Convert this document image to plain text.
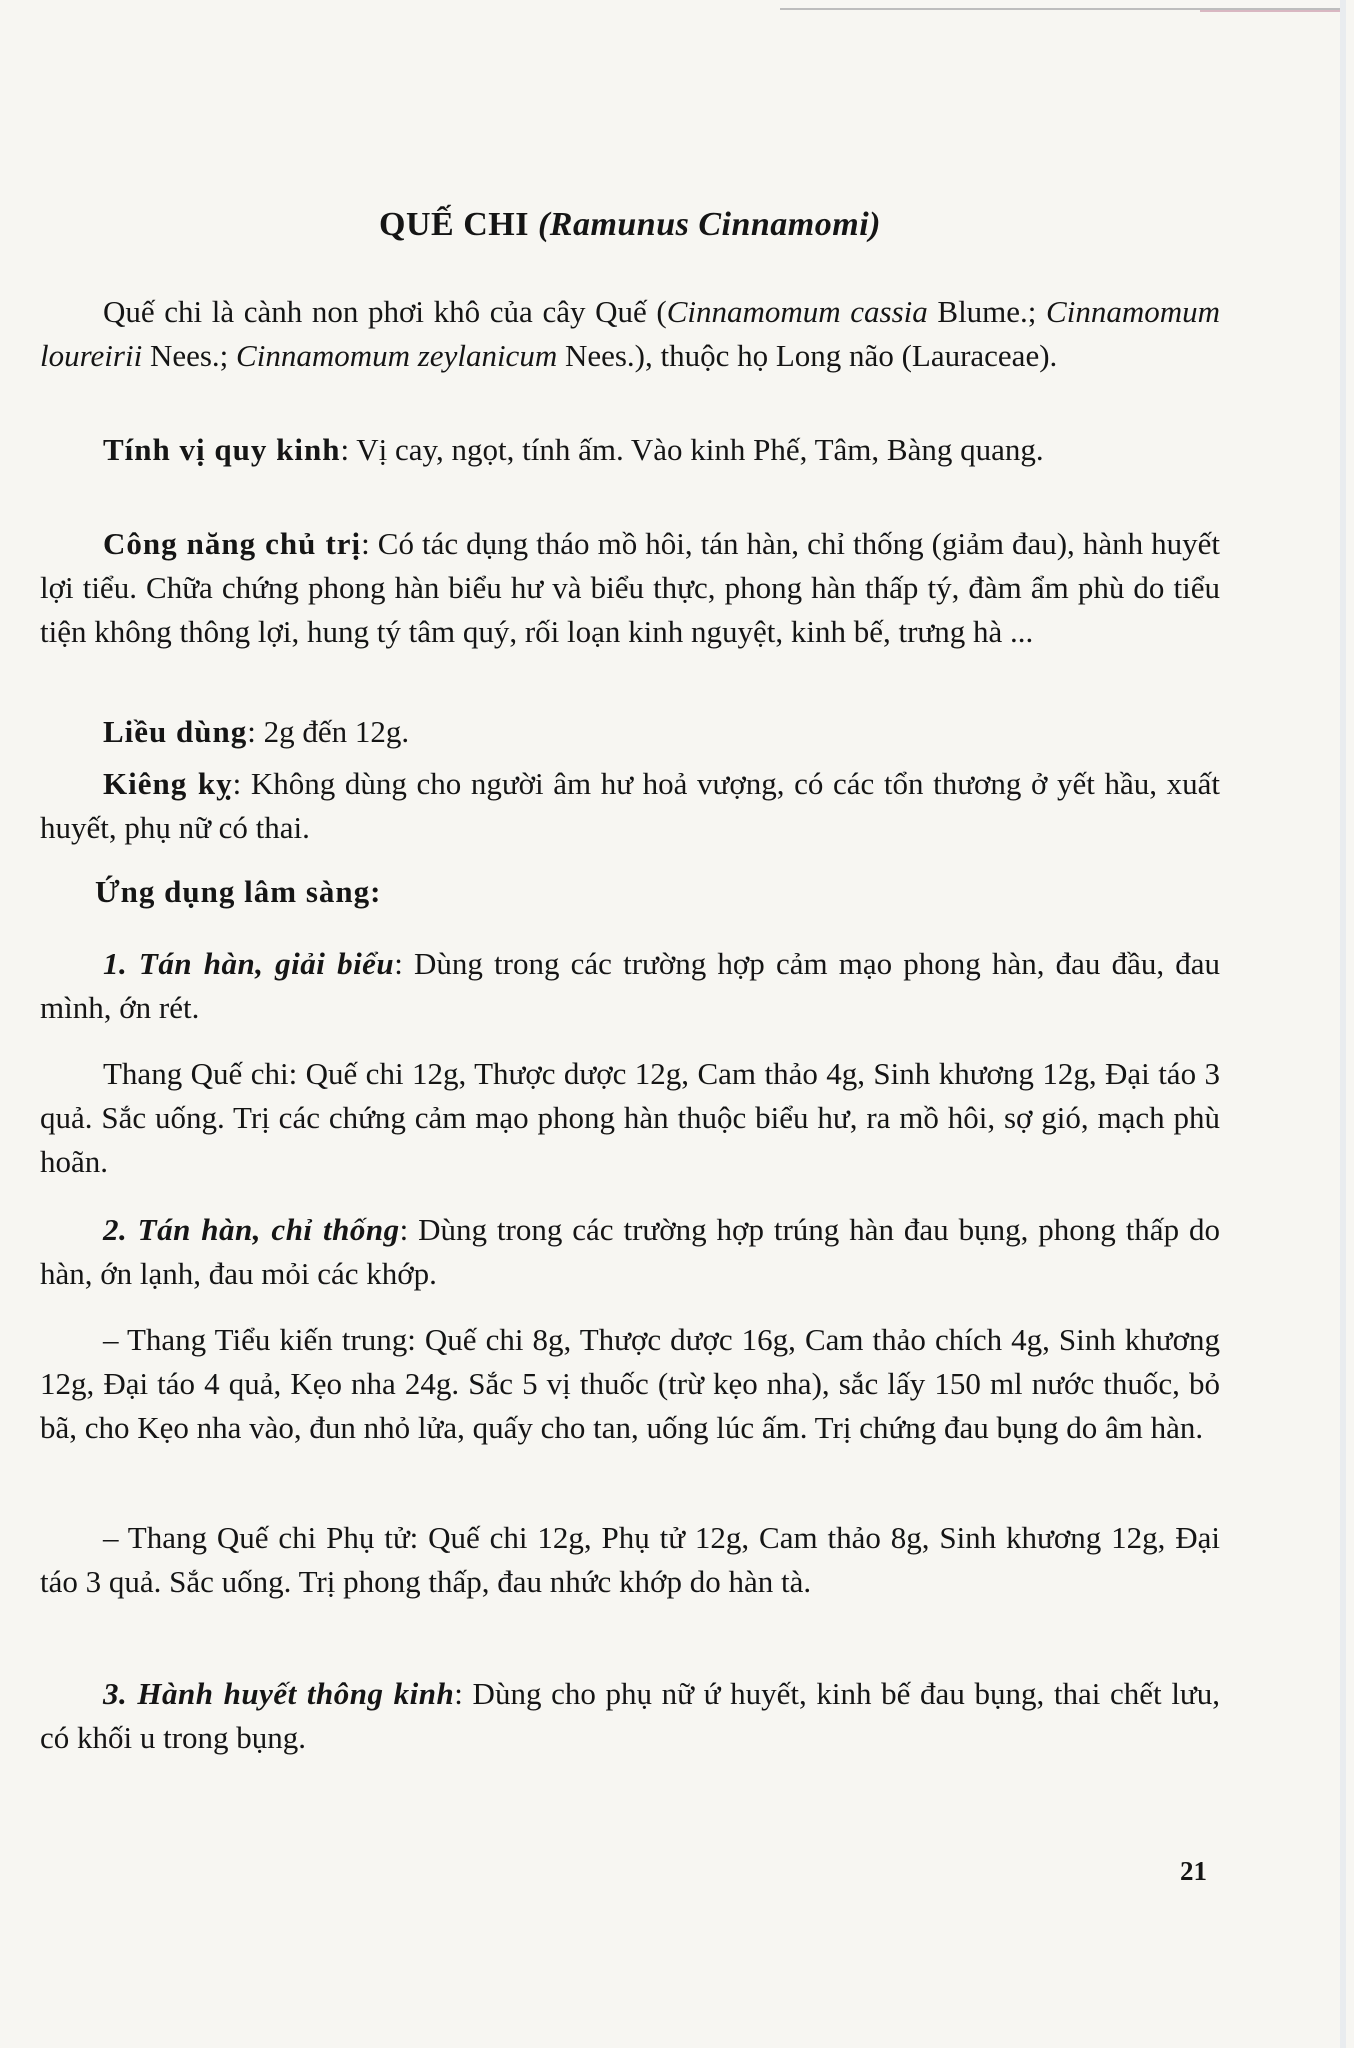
QUẾ CHI (Ramunus Cinnamomi)

Quế chi là cành non phơi khô của cây Quế (Cinnamomum cassia Blume.; Cinnamomum loureirii Nees.; Cinnamomum zeylanicum Nees.), thuộc họ Long não (Lauraceae).

Tính vị quy kinh: Vị cay, ngọt, tính ấm. Vào kinh Phế, Tâm, Bàng quang.

Công năng chủ trị: Có tác dụng tháo mồ hôi, tán hàn, chỉ thống (giảm đau), hành huyết lợi tiểu. Chữa chứng phong hàn biểu hư và biểu thực, phong hàn thấp tý, đàm ẩm phù do tiểu tiện không thông lợi, hung tý tâm quý, rối loạn kinh nguyệt, kinh bế, trưng hà ...

Liều dùng: 2g đến 12g.

Kiêng kỵ: Không dùng cho người âm hư hoả vượng, có các tổn thương ở yết hầu, xuất huyết, phụ nữ có thai.

Ứng dụng lâm sàng:

1. Tán hàn, giải biểu: Dùng trong các trường hợp cảm mạo phong hàn, đau đầu, đau mình, ớn rét.

Thang Quế chi: Quế chi 12g, Thược dược 12g, Cam thảo 4g, Sinh khương 12g, Đại táo 3 quả. Sắc uống. Trị các chứng cảm mạo phong hàn thuộc biểu hư, ra mồ hôi, sợ gió, mạch phù hoãn.

2. Tán hàn, chỉ thống: Dùng trong các trường hợp trúng hàn đau bụng, phong thấp do hàn, ớn lạnh, đau mỏi các khớp.

– Thang Tiểu kiến trung: Quế chi 8g, Thược dược 16g, Cam thảo chích 4g, Sinh khương 12g, Đại táo 4 quả, Kẹo nha 24g. Sắc 5 vị thuốc (trừ kẹo nha), sắc lấy 150 ml nước thuốc, bỏ bã, cho Kẹo nha vào, đun nhỏ lửa, quấy cho tan, uống lúc ấm. Trị chứng đau bụng do âm hàn.

– Thang Quế chi Phụ tử: Quế chi 12g, Phụ tử 12g, Cam thảo 8g, Sinh khương 12g, Đại táo 3 quả. Sắc uống. Trị phong thấp, đau nhức khớp do hàn tà.

3. Hành huyết thông kinh: Dùng cho phụ nữ ứ huyết, kinh bế đau bụng, thai chết lưu, có khối u trong bụng.

21
